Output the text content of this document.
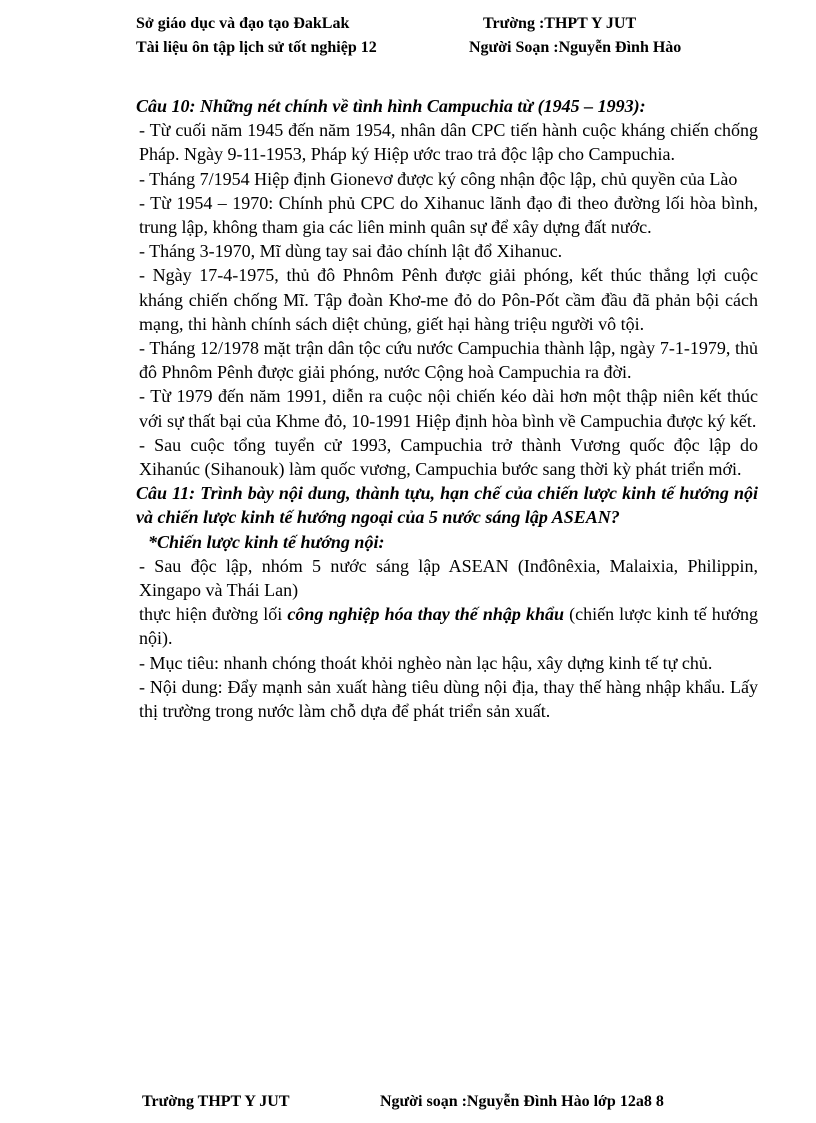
Sở giáo dục và đạo tạo ĐakLak	Trường :THPT Y JUT
Tài liệu ôn tập lịch sử tốt nghiệp 12	Người Soạn :Nguyễn Đình Hào

Câu 10: Những nét chính về tình hình Campuchia từ (1945 – 1993):

- Từ cuối năm 1945 đến năm 1954, nhân dân CPC tiến hành cuộc kháng chiến chống Pháp. Ngày 9-11-1953, Pháp ký Hiệp ước trao trả độc lập cho Campuchia.

- Tháng 7/1954 Hiệp định Gionevơ được ký công nhận độc lập, chủ quyền của Lào

- Từ 1954 – 1970: Chính phủ CPC do Xihanuc lãnh đạo đi theo đường lối hòa bình, trung lập, không tham gia các liên minh quân sự để xây dựng đất nước.

- Tháng 3-1970, Mĩ dùng tay sai đảo chính lật đổ Xihanuc.

- Ngày 17-4-1975, thủ đô Phnôm Pênh được giải phóng, kết thúc thắng lợi cuộc kháng chiến chống Mĩ. Tập đoàn Khơ-me đỏ do Pôn-Pốt cầm đầu đã phản bội cách mạng, thi hành chính sách diệt chủng, giết hại hàng triệu người vô tội.

- Tháng 12/1978 mặt trận dân tộc cứu nước Campuchia thành lập, ngày 7-1-1979, thủ đô Phnôm Pênh được giải phóng, nước Cộng hoà Campuchia ra đời.

- Từ 1979 đến năm 1991, diễn ra cuộc nội chiến kéo dài hơn một thập niên kết thúc với sự thất bại của Khme đỏ, 10-1991 Hiệp định hòa bình về Campuchia được ký kết.

- Sau cuộc tổng tuyển cử 1993, Campuchia trở thành Vương quốc độc lập do Xihanúc (Sihanouk) làm quốc vương, Campuchia bước sang thời kỳ phát triển mới.

Câu 11: Trình bày nội dung, thành tựu, hạn chế của chiến lược kinh tế hướng nội và chiến lược kinh tế hướng ngoại của 5 nước sáng lập ASEAN?

*Chiến lược kinh tế hướng nội:

- Sau độc lập, nhóm 5 nước sáng lập ASEAN (Inđônêxia, Malaixia, Philippin, Xingapo và Thái Lan)

thực hiện đường lối công nghiệp hóa thay thế nhập khẩu (chiến lược kinh tế hướng nội).

- Mục tiêu: nhanh chóng thoát khỏi nghèo nàn lạc hậu, xây dựng kinh tế tự chủ.

- Nội dung: Đẩy mạnh sản xuất hàng tiêu dùng nội địa, thay thế hàng nhập khẩu. Lấy thị trường trong nước làm chỗ dựa để phát triển sản xuất.

Trường THPT Y JUT	Người soạn :Nguyễn Đình Hào lớp 12a8 8
